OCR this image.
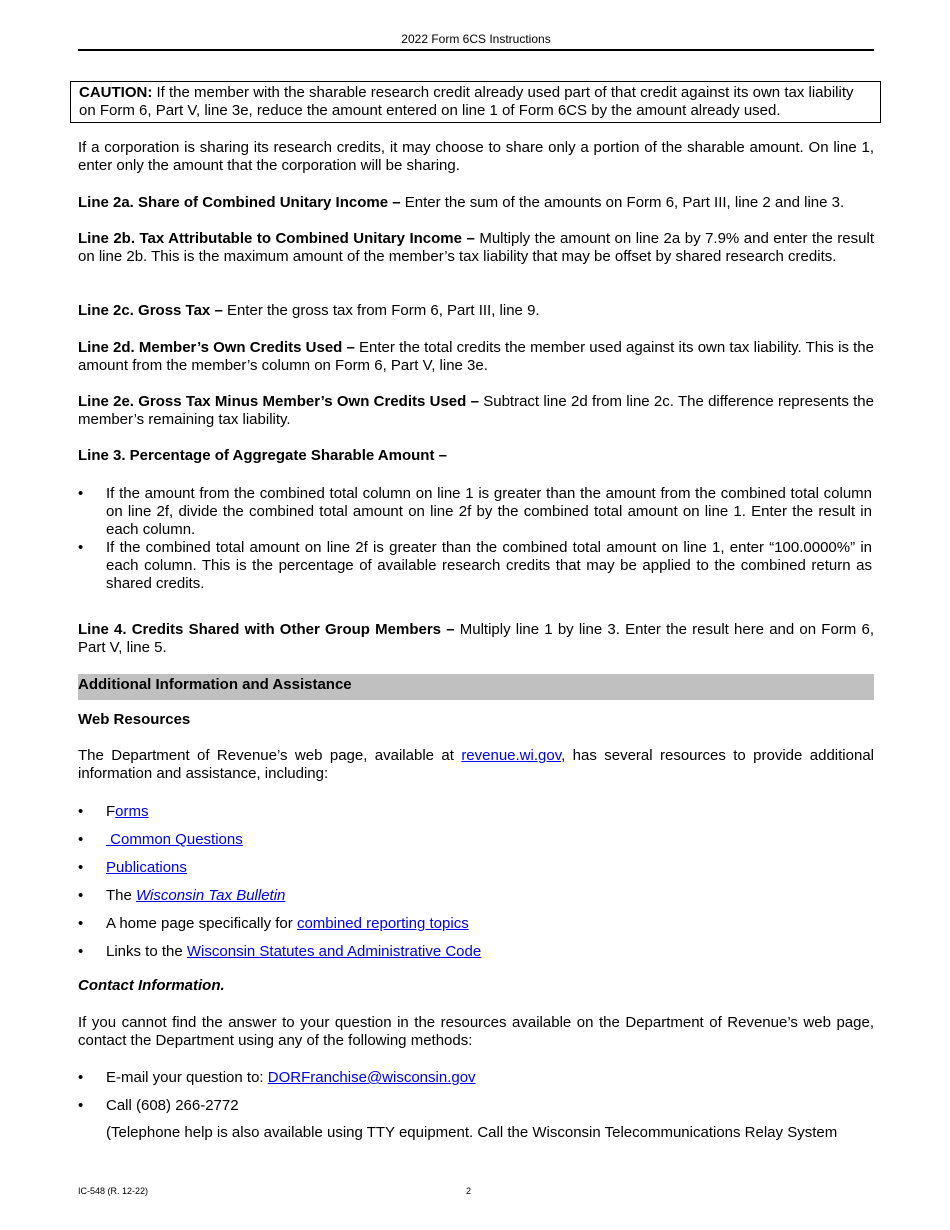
2022 Form 6CS Instructions
CAUTION: If the member with the sharable research credit already used part of that credit against its own tax liability on Form 6, Part V, line 3e, reduce the amount entered on line 1 of Form 6CS by the amount already used.
If a corporation is sharing its research credits, it may choose to share only a portion of the sharable amount. On line 1, enter only the amount that the corporation will be sharing.
Line 2a. Share of Combined Unitary Income – Enter the sum of the amounts on Form 6, Part III, line 2 and line 3.
Line 2b. Tax Attributable to Combined Unitary Income – Multiply the amount on line 2a by 7.9% and enter the result on line 2b. This is the maximum amount of the member’s tax liability that may be offset by shared research credits.
Line 2c. Gross Tax – Enter the gross tax from Form 6, Part III, line 9.
Line 2d. Member’s Own Credits Used – Enter the total credits the member used against its own tax liability. This is the amount from the member’s column on Form 6, Part V, line 3e.
Line 2e. Gross Tax Minus Member’s Own Credits Used – Subtract line 2d from line 2c. The difference represents the member’s remaining tax liability.
Line 3. Percentage of Aggregate Sharable Amount –
• If the amount from the combined total column on line 1 is greater than the amount from the combined total column on line 2f, divide the combined total amount on line 2f by the combined total amount on line 1. Enter the result in each column.
• If the combined total amount on line 2f is greater than the combined total amount on line 1, enter “100.0000%” in each column. This is the percentage of available research credits that may be applied to the combined return as shared credits.
Line 4. Credits Shared with Other Group Members – Multiply line 1 by line 3. Enter the result here and on Form 6, Part V, line 5.
Additional Information and Assistance
Web Resources
The Department of Revenue’s web page, available at revenue.wi.gov, has several resources to provide additional information and assistance, including:
• Forms
• Common Questions
• Publications
• The Wisconsin Tax Bulletin
• A home page specifically for combined reporting topics
• Links to the Wisconsin Statutes and Administrative Code
Contact Information.
If you cannot find the answer to your question in the resources available on the Department of Revenue’s web page, contact the Department using any of the following methods:
• E-mail your question to: DORFranchise@wisconsin.gov
• Call (608) 266-2772
(Telephone help is also available using TTY equipment. Call the Wisconsin Telecommunications Relay System
IC-548 (R. 12-22)	2
